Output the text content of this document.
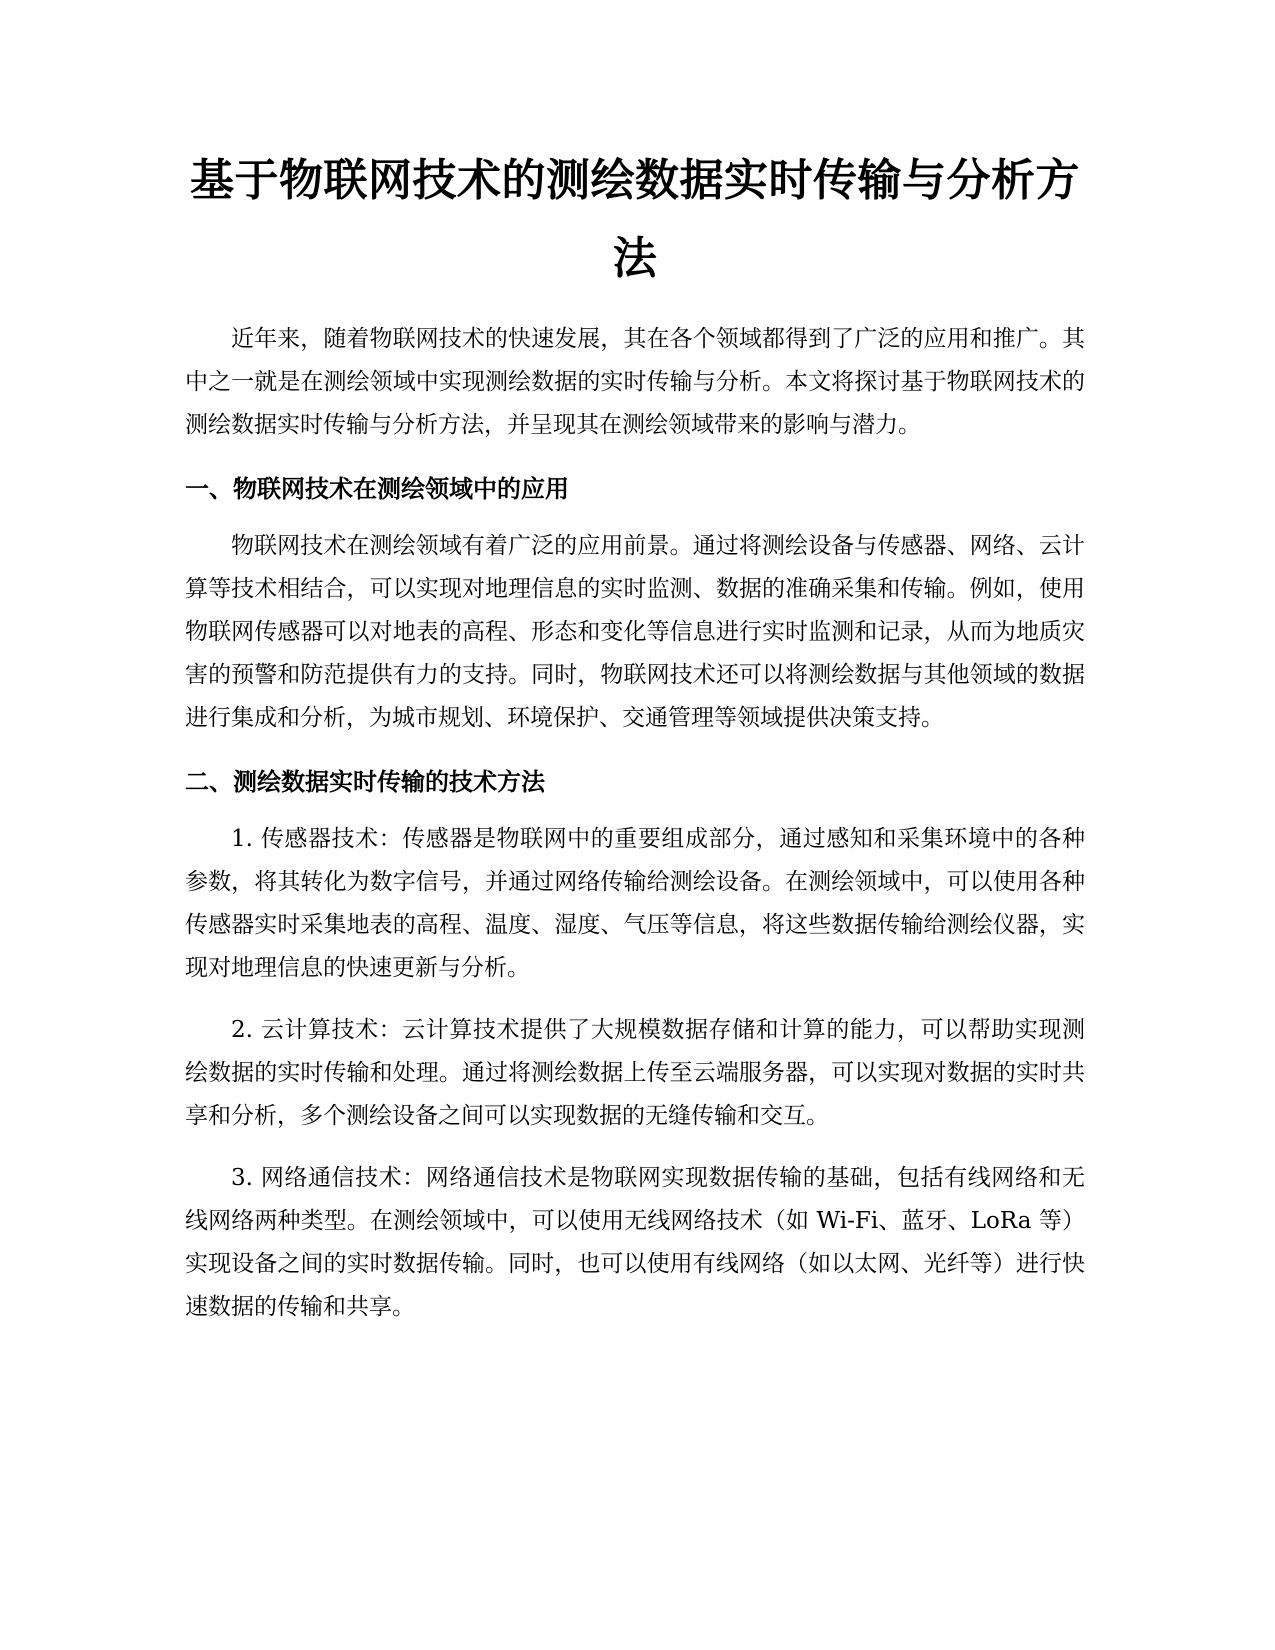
基于物联网技术的测绘数据实时传输与分析方法

近年来，随着物联网技术的快速发展，其在各个领域都得到了广泛的应用和推广。其中之一就是在测绘领域中实现测绘数据的实时传输与分析。本文将探讨基于物联网技术的测绘数据实时传输与分析方法，并呈现其在测绘领域带来的影响与潜力。

一、物联网技术在测绘领域中的应用

物联网技术在测绘领域有着广泛的应用前景。通过将测绘设备与传感器、网络、云计算等技术相结合，可以实现对地理信息的实时监测、数据的准确采集和传输。例如，使用物联网传感器可以对地表的高程、形态和变化等信息进行实时监测和记录，从而为地质灾害的预警和防范提供有力的支持。同时，物联网技术还可以将测绘数据与其他领域的数据进行集成和分析，为城市规划、环境保护、交通管理等领域提供决策支持。

二、测绘数据实时传输的技术方法

1. 传感器技术：传感器是物联网中的重要组成部分，通过感知和采集环境中的各种参数，将其转化为数字信号，并通过网络传输给测绘设备。在测绘领域中，可以使用各种传感器实时采集地表的高程、温度、湿度、气压等信息，将这些数据传输给测绘仪器，实现对地理信息的快速更新与分析。

2. 云计算技术：云计算技术提供了大规模数据存储和计算的能力，可以帮助实现测绘数据的实时传输和处理。通过将测绘数据上传至云端服务器，可以实现对数据的实时共享和分析，多个测绘设备之间可以实现数据的无缝传输和交互。

3. 网络通信技术：网络通信技术是物联网实现数据传输的基础，包括有线网络和无线网络两种类型。在测绘领域中，可以使用无线网络技术（如 Wi-Fi、蓝牙、LoRa 等）实现设备之间的实时数据传输。同时，也可以使用有线网络（如以太网、光纤等）进行快速数据的传输和共享。
